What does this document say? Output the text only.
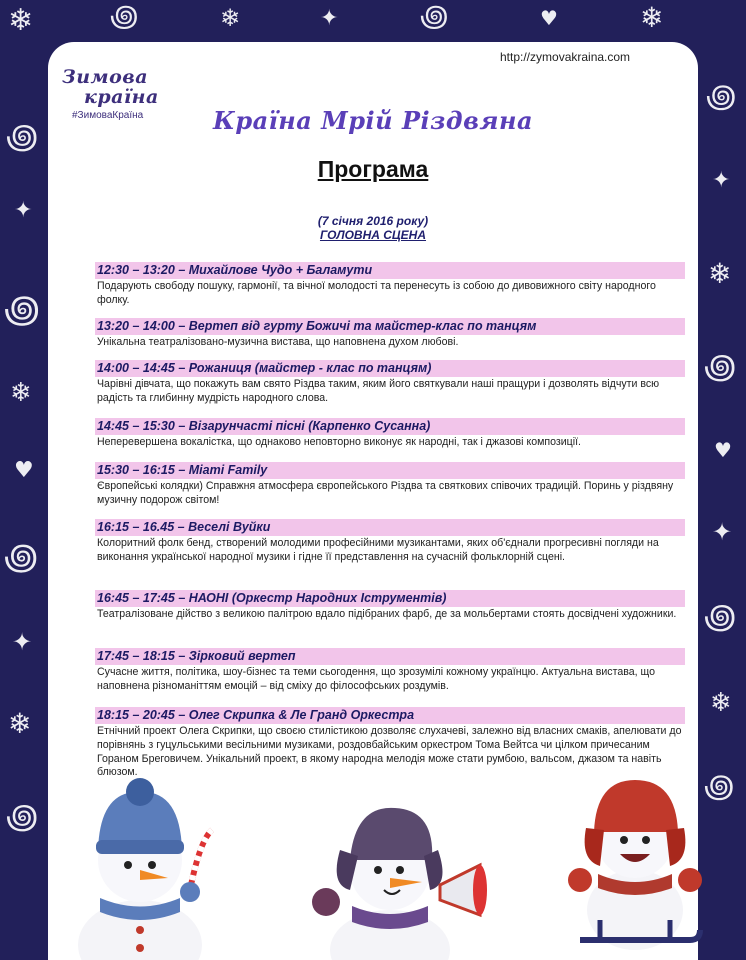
❄
꩜
✦
꩜
❄
♥
꩜
✦
❄
꩜
꩜	❄	✦	꩜	♥	❄
꩜
✦
❄
꩜
♥
✦
꩜
❄
꩜
http://zymovakraina.com
Зимова
країна
#ЗимоваКраїна	Країна Мрій Різдвяна
Програма
(7 січня 2016 року)
ГОЛОВНА СЦЕНА
12:30 – 13:20 – Михайлове Чудо + Баламути
Подарують свободу пошуку, гармонії, та вічної молодості та перенесуть із собою до дивовижного світу народного фолку.
13:20 – 14:00 – Вертеп від гурту Божичі та майстер-клас по танцям
Унікальна театралізовано-музична вистава, що наповнена духом любові.
14:00 – 14:45 – Рожаниця (майстер - клас по танцям)
Чарівні дівчата, що покажуть вам свято Різдва таким, яким його святкували наші пращури і дозволять відчути всю радість та глибинну мудрість народного слова.
14:45 – 15:30 – Візарунчасті пісні (Карпенко Сусанна)
Неперевершена вокалістка, що однаково неповторно виконує як народні, так і джазові композиції.
15:30 – 16:15 – Miami Family
Європейські колядки) Справжня атмосфера європейського Різдва та святкових співочих традицій. Поринь у різдвяну музичну подорож світом!
16:15 – 16.45 – Веселі Вуйки
Колоритний фолк бенд, створений молодими професійними музикантами, яких об'єднали прогресивні погляди на виконання української народної музики і гідне її представлення на сучасній фольклорній сцені.
16:45 – 17:45 – НАОНІ (Оркестр Народних Іструментів)
Театралізоване дійство з великою палітрою вдало підібраних фарб, де за мольбертами стоять досвідчені художники.
17:45 – 18:15 – Зірковий вертеп
Сучасне життя, політика, шоу-бізнес та теми сьогодення, що зрозумілі кожному українцю. Актуальна вистава, що наповнена різноманіттям емоцій – від сміху до філософських роздумів.
18:15 – 20:45 – Олег Скрипка & Ле Гранд Оркестра
Етнічний проект Олега Скрипки, що своєю стилістикою дозволяє слухачеві, залежно від власних смаків, апелювати до порівнянь з гуцульськими весільними музиками, роздовбайським оркестром Тома Вейтса чи цілком причесаним Гораном Бреговичем. Унікальний проект, в якому народна мелодія може стати румбою, вальсом, джазом та навіть блюзом.
